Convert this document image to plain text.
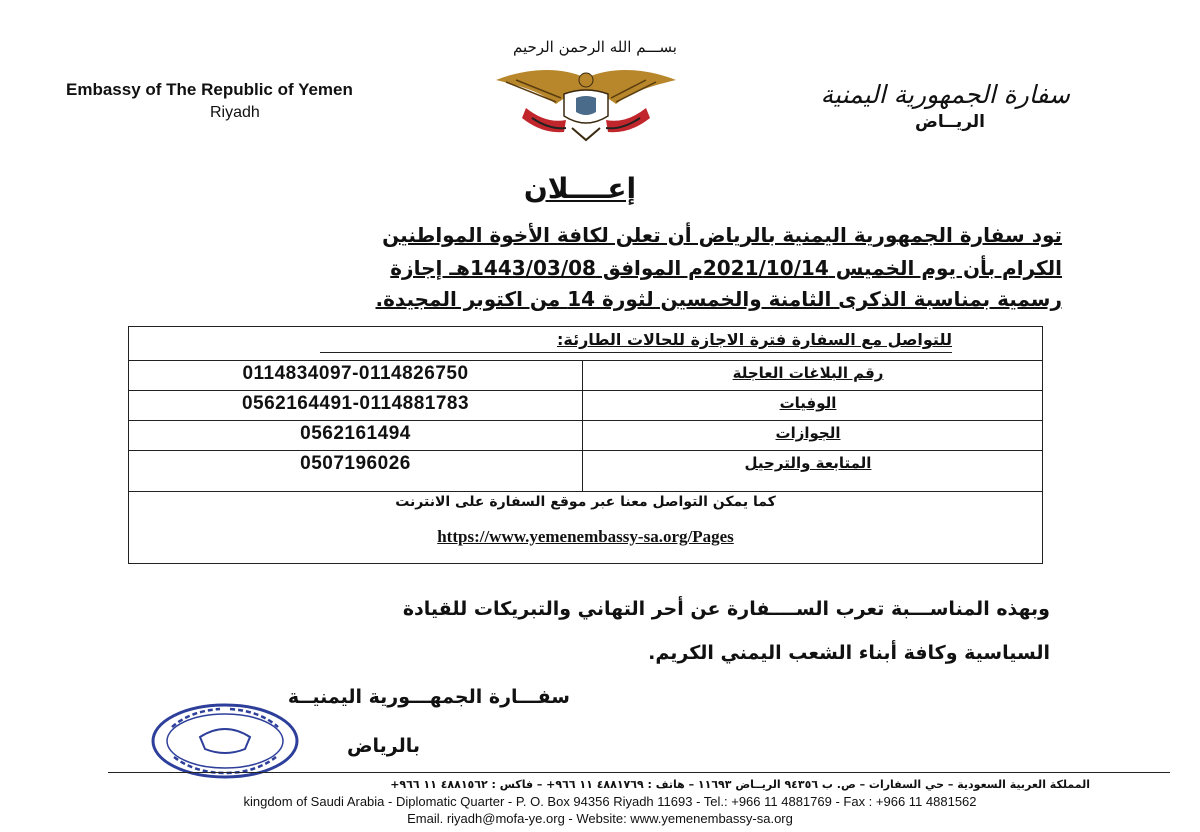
بســـم الله الرحمن الرحيم
Embassy of The Republic of Yemen
Riyadh
سفارة الجمهورية اليمنية
الريــاض
إعــــلان
تود سفارة الجمهورية اليمنية بالرياض أن تعلن لكافة الأخوة المواطنين
الكرام بأن يوم الخميس 2021/10/14م الموافق 1443/03/08هـ إجازة
رسمية بمناسبة الذكرى الثامنة والخمسين لثورة 14 من اكتوبر المجيدة.
للتواصل مع السفارة فترة الاجازة للحالات الطارئة:
رقم البلاغات العاجلة
0114834097-0114826750
الوفيات
0562164491-0114881783
الجوازات
0562161494
المتابعة والترحيل
0507196026
كما يمكن التواصل معنا عبر موقع السفارة على الانترنت
https://www.yemenembassy-sa.org/Pages
وبهذه المناســـبة تعرب الســــفارة عن أحر التهاني والتبريكات للقيادة
السياسية وكافة أبناء الشعب اليمني الكريم.
سفـــارة الجمهـــورية اليمنيــة
بالرياض
المملكة العربية السعودية – حي السفارات – ص. ب ٩٤٣٥٦ الريــاض ١١٦٩٣ – هاتف : ٤٨٨١٧٦٩ ١١ ٩٦٦+ – فاكس : ٤٨٨١٥٦٢ ١١ ٩٦٦+
kingdom of Saudi Arabia - Diplomatic Quarter - P. O. Box 94356 Riyadh 11693 - Tel.: +966 11 4881769 - Fax : +966 11 4881562
Email. riyadh@mofa-ye.org - Website: www.yemenembassy-sa.org
